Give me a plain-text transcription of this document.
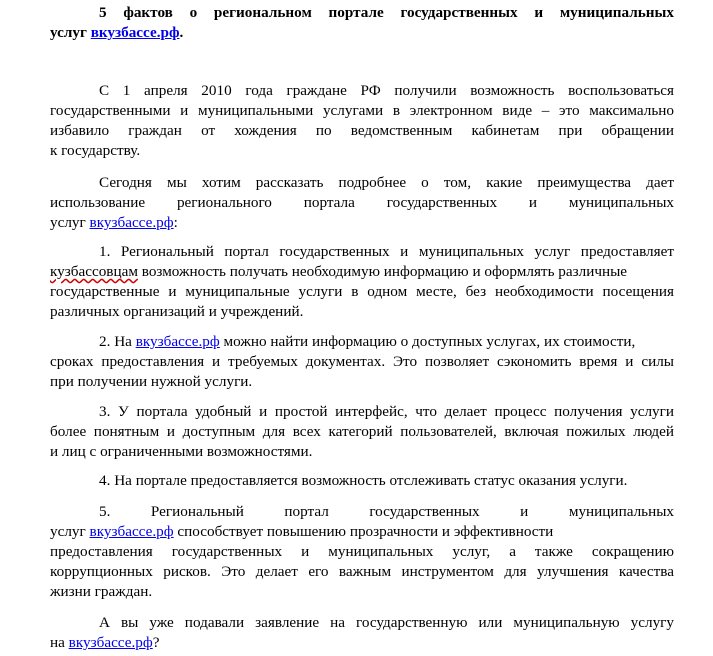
5 фактов о региональном портале государственных и муниципальных
услуг вкузбассе.рф.
С 1 апреля 2010 года граждане РФ получили возможность воспользоваться
государственными и муниципальными услугами в электронном виде – это максимально
избавило граждан от хождения по ведомственным кабинетам при обращении
к государству.
Сегодня мы хотим рассказать подробнее о том, какие преимущества дает
использование регионального портала государственных и муниципальных
услуг вкузбассе.рф:
1. Региональный портал государственных и муниципальных услуг предоставляет
кузбассовцам возможность получать необходимую информацию и оформлять различные
государственные и муниципальные услуги в одном месте, без необходимости посещения
различных организаций и учреждений.
2. На вкузбассе.рф можно найти информацию о доступных услугах, их стоимости,
сроках предоставления и требуемых документах. Это позволяет сэкономить время и силы
при получении нужной услуги.
3. У портала удобный и простой интерфейс, что делает процесс получения услуги
более понятным и доступным для всех категорий пользователей, включая пожилых людей
и лиц с ограниченными возможностями.
4. На портале предоставляется возможность отслеживать статус оказания услуги.
5. Региональный портал государственных и муниципальных
услуг вкузбассе.рф способствует повышению прозрачности и эффективности
предоставления государственных и муниципальных услуг, а также сокращению
коррупционных рисков. Это делает его важным инструментом для улучшения качества
жизни граждан.
А вы уже подавали заявление на государственную или муниципальную услугу
на вкузбассе.рф?
